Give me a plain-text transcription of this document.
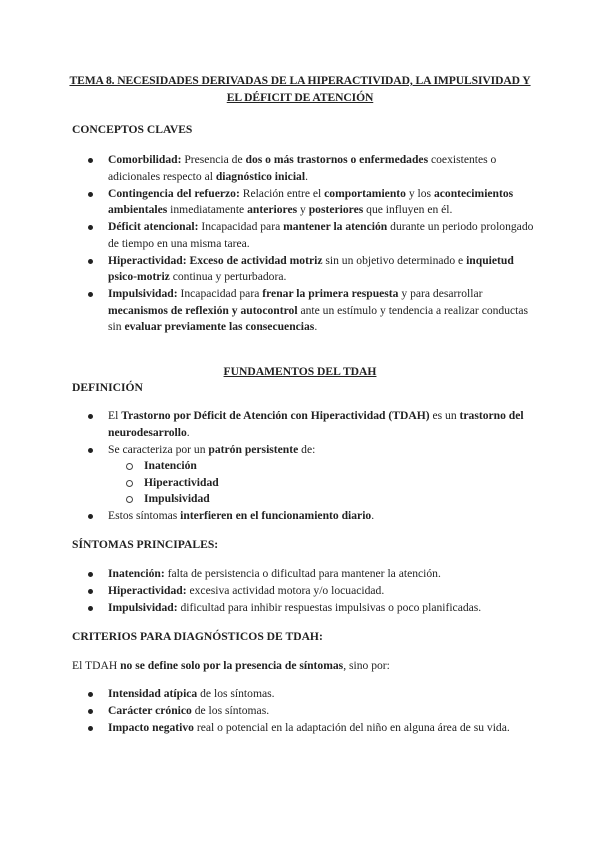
TEMA 8. NECESIDADES DERIVADAS DE LA HIPERACTIVIDAD, LA IMPULSIVIDAD Y
EL DÉFICIT DE ATENCIÓN
CONCEPTOS CLAVES
Comorbilidad: Presencia de dos o más trastornos o enfermedades coexistentes o adicionales respecto al diagnóstico inicial.
Contingencia del refuerzo: Relación entre el comportamiento y los acontecimientos ambientales inmediatamente anteriores y posteriores que influyen en él.
Déficit atencional: Incapacidad para mantener la atención durante un periodo prolongado de tiempo en una misma tarea.
Hiperactividad: Exceso de actividad motriz sin un objetivo determinado e inquietud psico-motriz continua y perturbadora.
Impulsividad: Incapacidad para frenar la primera respuesta y para desarrollar mecanismos de reflexión y autocontrol ante un estímulo y tendencia a realizar conductas sin evaluar previamente las consecuencias.
FUNDAMENTOS DEL TDAH
DEFINICIÓN
El Trastorno por Déficit de Atención con Hiperactividad (TDAH) es un trastorno del neurodesarrollo.
Se caracteriza por un patrón persistente de:
Inatención
Hiperactividad
Impulsividad
Estos síntomas interfieren en el funcionamiento diario.
SÍNTOMAS PRINCIPALES:
Inatención: falta de persistencia o dificultad para mantener la atención.
Hiperactividad: excesiva actividad motora y/o locuacidad.
Impulsividad: dificultad para inhibir respuestas impulsivas o poco planificadas.
CRITERIOS PARA DIAGNÓSTICOS DE TDAH:
El TDAH no se define solo por la presencia de síntomas, sino por:
Intensidad atípica de los síntomas.
Carácter crónico de los síntomas.
Impacto negativo real o potencial en la adaptación del niño en alguna área de su vida.
